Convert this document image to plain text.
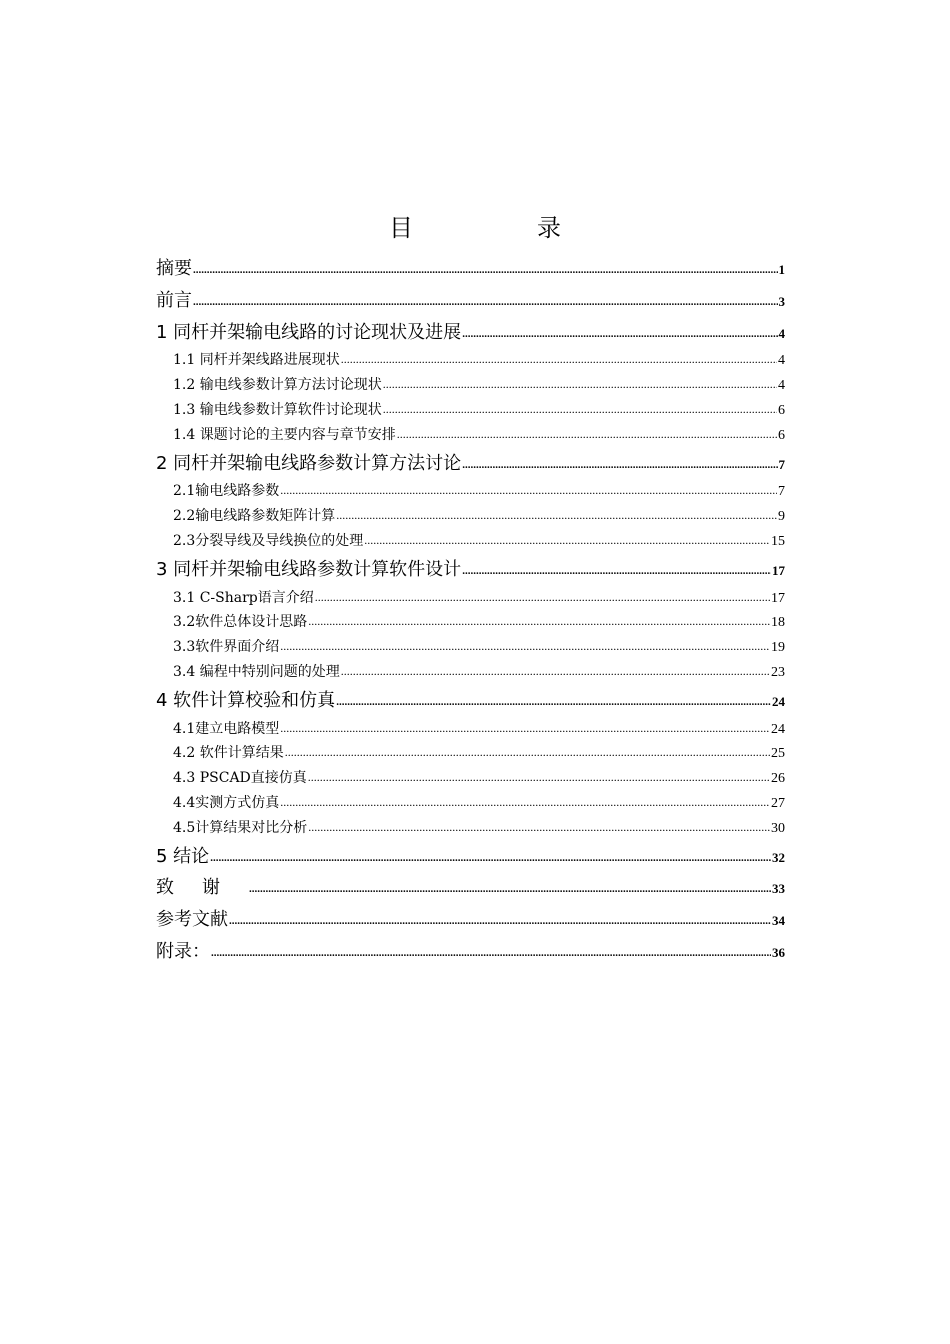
目　录
摘要 .....	1
前言 .....	3
1 同杆并架输电线路的讨论现状及进展 .....	4
1.1 同杆并架线路进展现状 .....	4
1.2 输电线参数计算方法讨论现状 .....	4
1.3 输电线参数计算软件讨论现状 .....	6
1.4 课题讨论的主要内容与章节安排 .....	6
2 同杆并架输电线路参数计算方法讨论 .....	7
2.1输电线路参数 .....	7
2.2输电线路参数矩阵计算 .....	9
2.3分裂导线及导线换位的处理 .....	15
3 同杆并架输电线路参数计算软件设计 .....	17
3.1 C-Sharp语言介绍 .....	17
3.2软件总体设计思路 .....	18
3.3软件界面介绍 .....	19
3.4 编程中特别问题的处理 .....	23
4 软件计算校验和仿真 .....	24
4.1建立电路模型 .....	24
4.2 软件计算结果 .....	25
4.3 PSCAD直接仿真 .....	26
4.4实测方式仿真 .....	27
4.5计算结果对比分析 .....	30
5 结论 .....	32
致谢 .....	33
参考文献 .....	34
附录： .....	36
